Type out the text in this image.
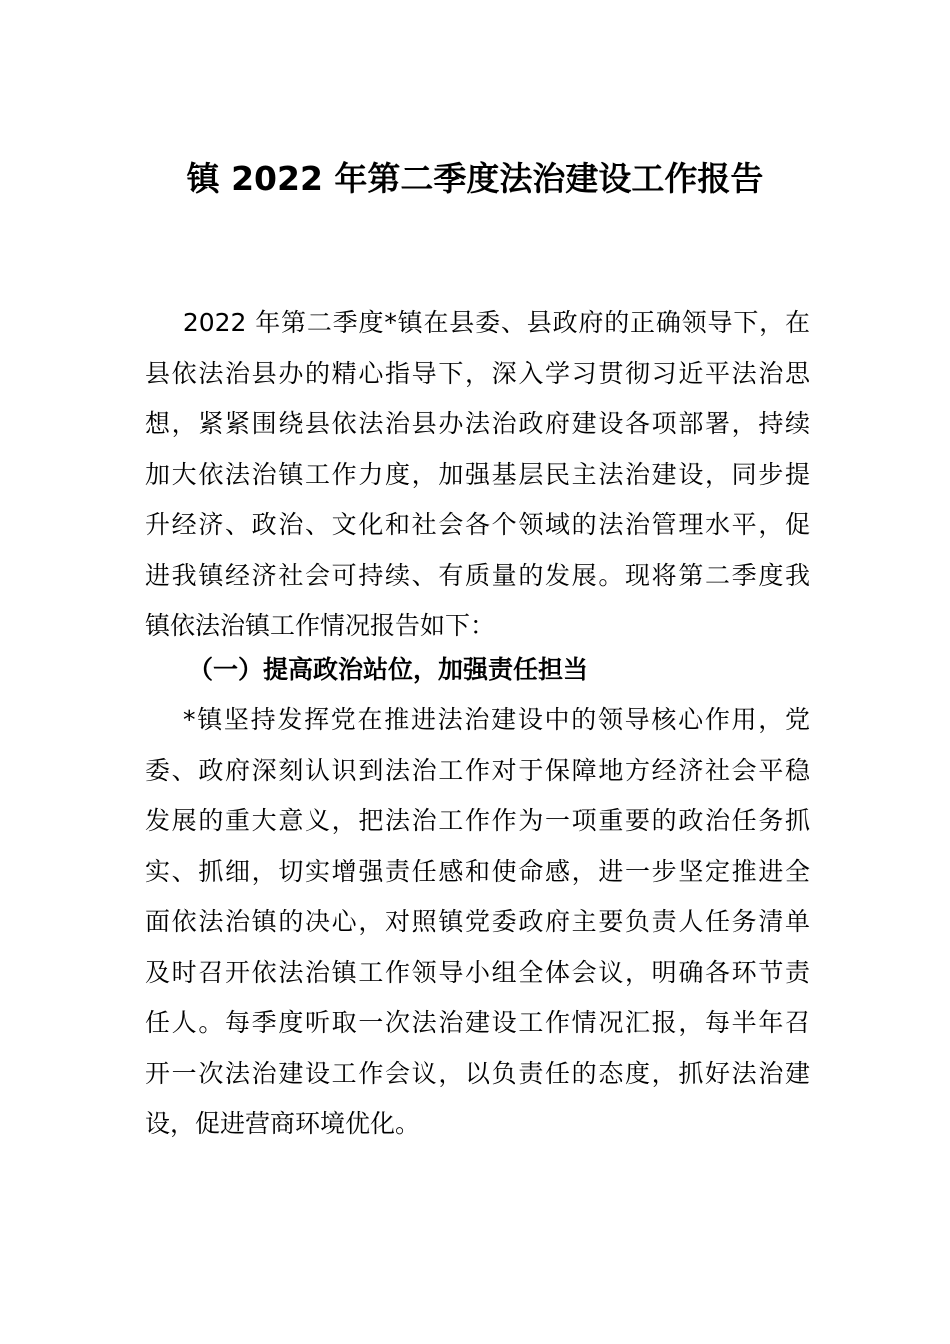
镇 2022 年第二季度法治建设工作报告
　2022 年第二季度*镇在县委、县政府的正确领导下，在
县依法治县办的精心指导下，深入学习贯彻习近平法治思
想，紧紧围绕县依法治县办法治政府建设各项部署，持续
加大依法治镇工作力度，加强基层民主法治建设，同步提
升经济、政治、文化和社会各个领域的法治管理水平，促
进我镇经济社会可持续、有质量的发展。现将第二季度我
镇依法治镇工作情况报告如下：
（一）提高政治站位，加强责任担当
*镇坚持发挥党在推进法治建设中的领导核心作用，党
委、政府深刻认识到法治工作对于保障地方经济社会平稳
发展的重大意义，把法治工作作为一项重要的政治任务抓
实、抓细，切实增强责任感和使命感，进一步坚定推进全
面依法治镇的决心，对照镇党委政府主要负责人任务清单
及时召开依法治镇工作领导小组全体会议，明确各环节责
任人。每季度听取一次法治建设工作情况汇报，每半年召
开一次法治建设工作会议，以负责任的态度，抓好法治建
设，促进营商环境优化。
